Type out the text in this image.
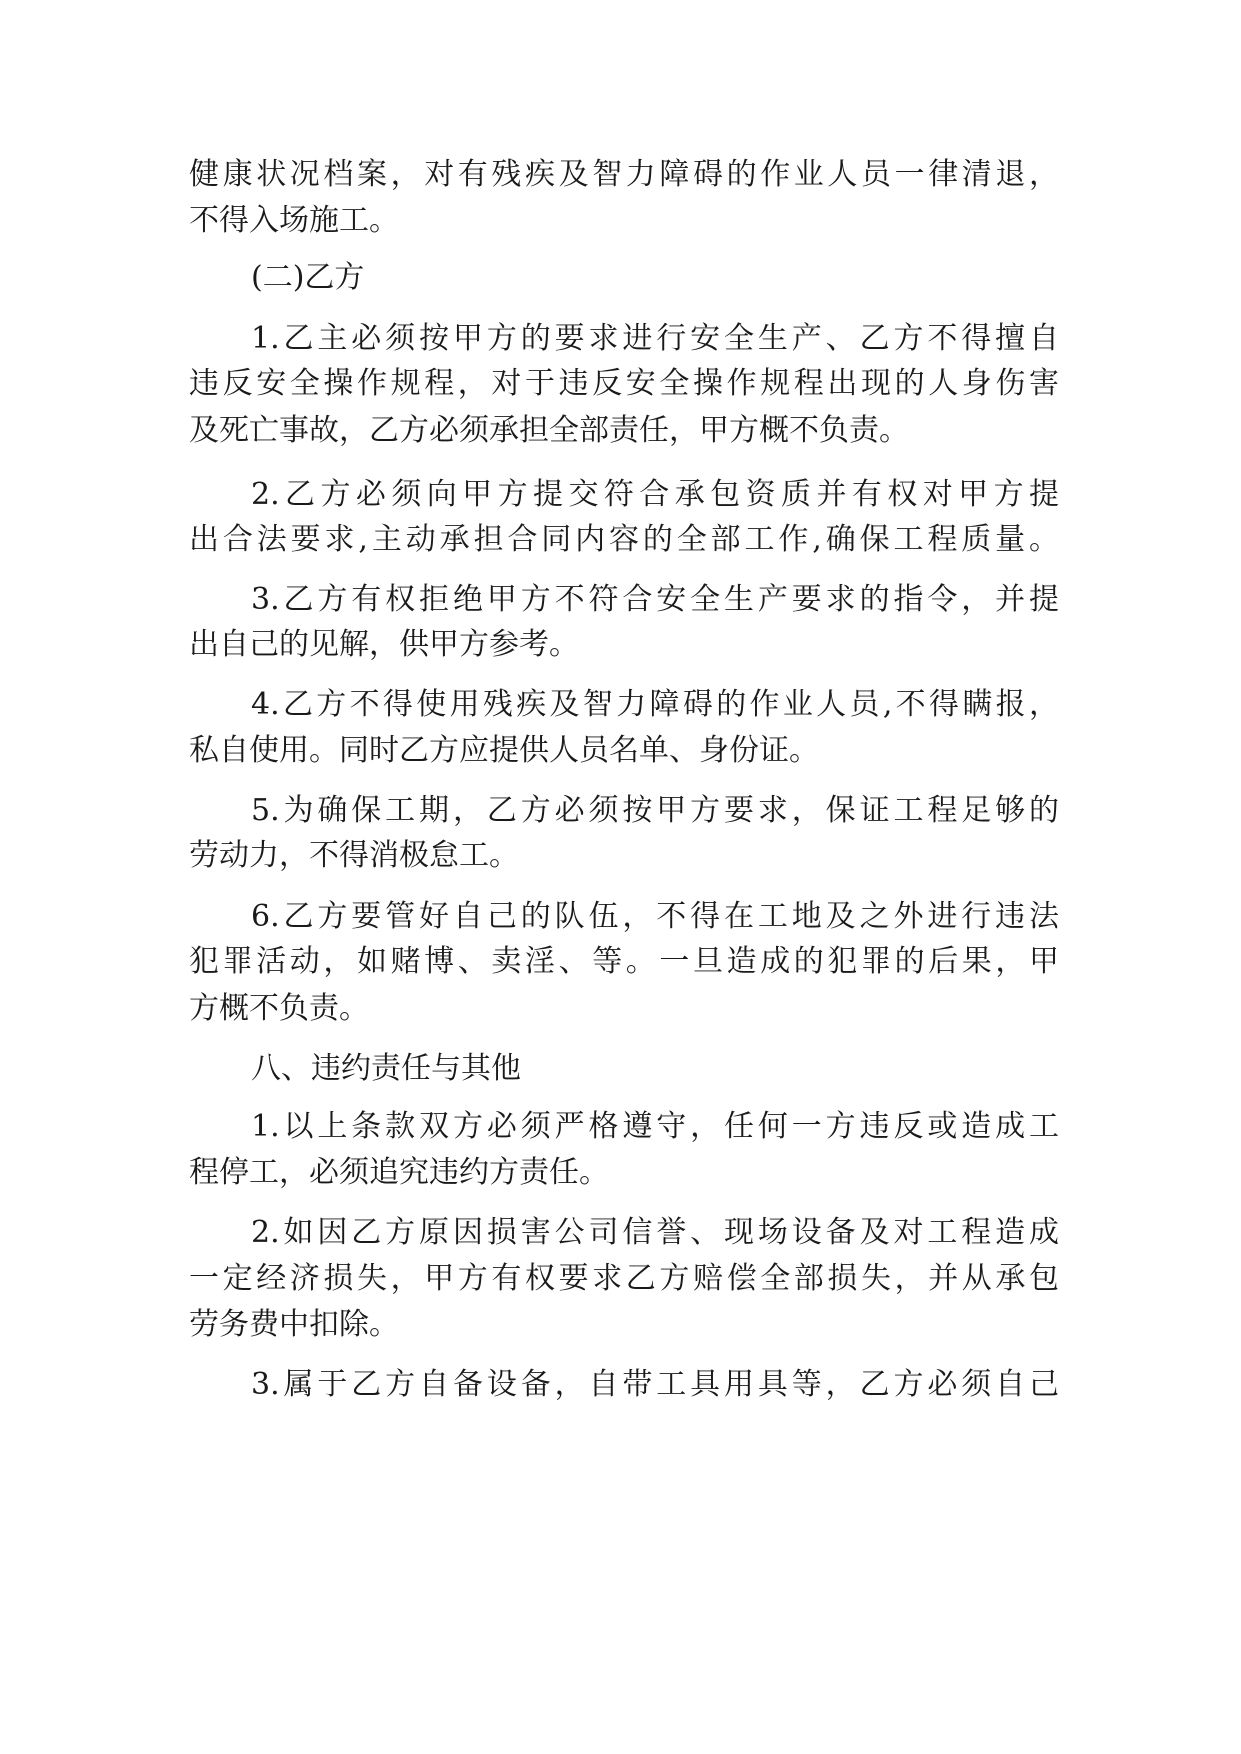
健康状况档案，对有残疾及智力障碍的作业人员一律清退，
不得入场施工。
(二)乙方
1.乙主必须按甲方的要求进行安全生产、乙方不得擅自
违反安全操作规程，对于违反安全操作规程出现的人身伤害
及死亡事故，乙方必须承担全部责任，甲方概不负责。
2.乙方必须向甲方提交符合承包资质并有权对甲方提
出合法要求,主动承担合同内容的全部工作,确保工程质量。
3.乙方有权拒绝甲方不符合安全生产要求的指令，并提
出自己的见解，供甲方参考。
4.乙方不得使用残疾及智力障碍的作业人员,不得瞒报，
私自使用。同时乙方应提供人员名单、身份证。
5.为确保工期，乙方必须按甲方要求，保证工程足够的
劳动力，不得消极怠工。
6.乙方要管好自己的队伍，不得在工地及之外进行违法
犯罪活动，如赌博、卖淫、等。一旦造成的犯罪的后果，甲
方概不负责。
八、违约责任与其他
1.以上条款双方必须严格遵守，任何一方违反或造成工
程停工，必须追究违约方责任。
2.如因乙方原因损害公司信誉、现场设备及对工程造成
一定经济损失，甲方有权要求乙方赔偿全部损失，并从承包
劳务费中扣除。
3.属于乙方自备设备，自带工具用具等，乙方必须自己
